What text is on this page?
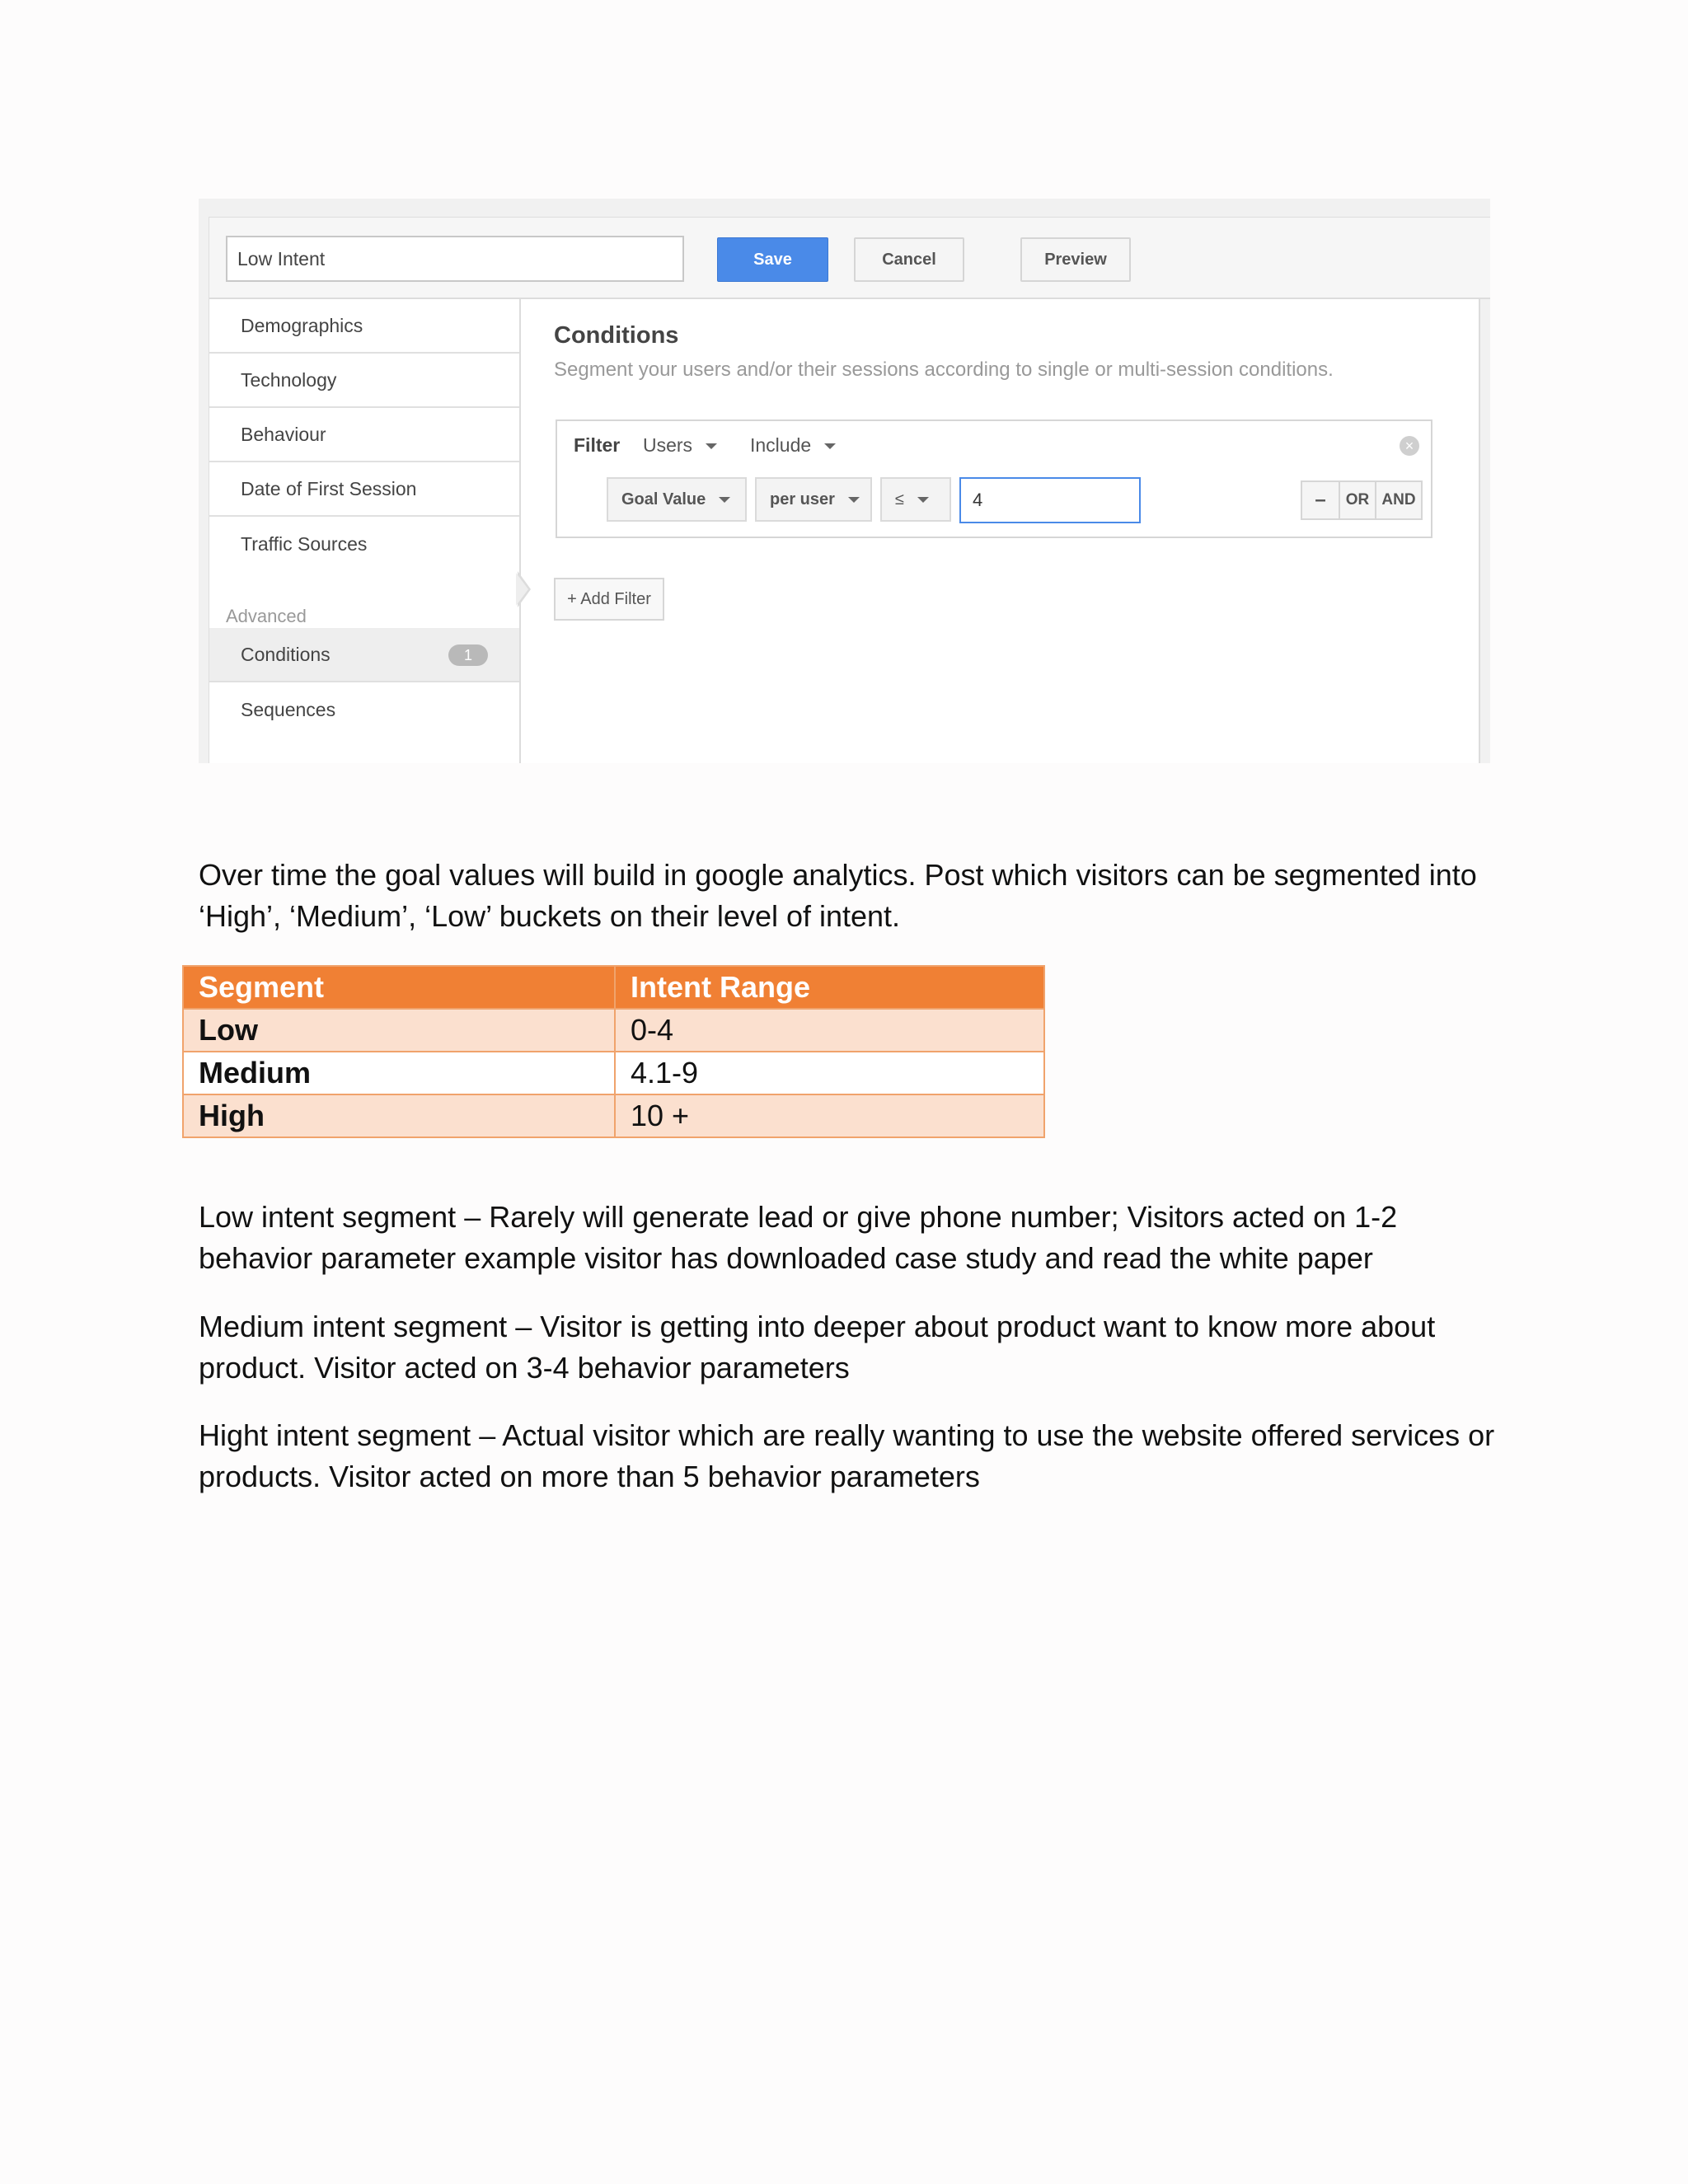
Low Intent
Save	Cancel	Preview
Demographics
Technology
Behaviour
Date of First Session
Traffic Sources
Advanced
Conditions	1
Sequences
Conditions
Segment your users and/or their sessions according to single or multi-session conditions.
Filter Users	Include	×
Goal Value	per user	≤
4	–	OR AND
+ Add Filter

Over time the goal values will build in google analytics. Post which visitors can be segmented into ‘High’, ‘Medium’, ‘Low’ buckets on their level of intent.

Segment	Intent Range
Low	0-4
Medium	4.1-9
High	10 +

Low intent segment – Rarely will generate lead or give phone number; Visitors acted on 1-2 behavior parameter example visitor has downloaded case study and read the white paper

Medium intent segment – Visitor is getting into deeper about product want to know more about product. Visitor acted on 3-4 behavior parameters

Hight intent segment – Actual visitor which are really wanting to use the website offered services or products. Visitor acted on more than 5 behavior parameters
